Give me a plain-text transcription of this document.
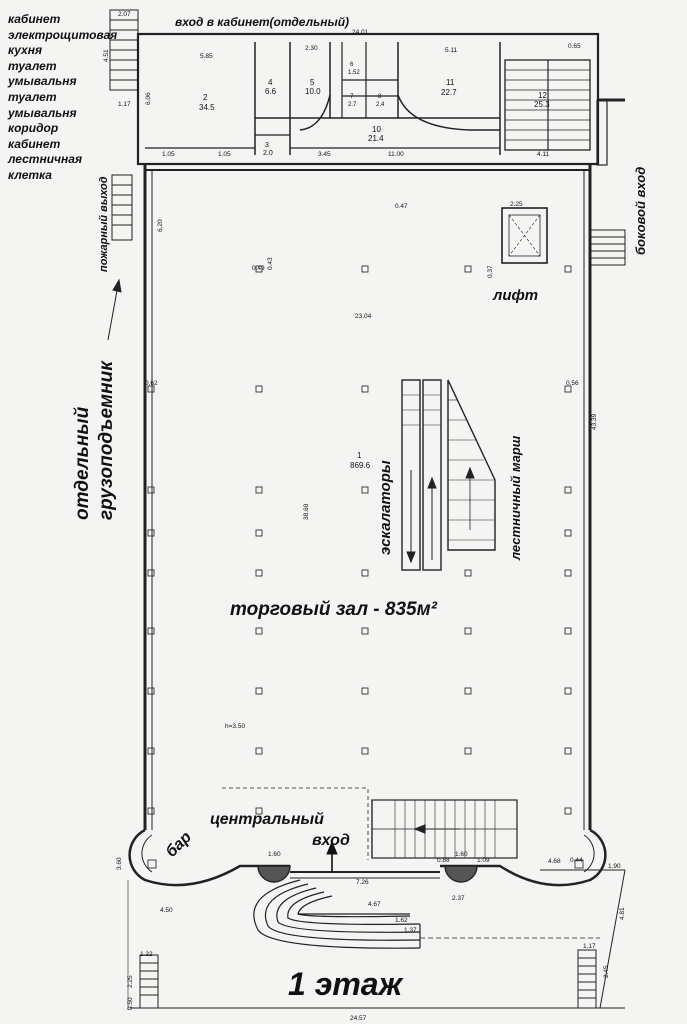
кабинет
электрощитовая
кухня
туалет
умывальня
туалет
умывальня
коридор
кабинет
лестничная
клетка
2
34.5
4
6.6
5
10.0
6
1.52
7
2.7
8
2.4
11
22.7	12
25.3
10
21.4
3
2.0
1
869.6
24.01
2.07
5.85
2.30	5.11
0.65
4.51
6.06
1.17
1.05	1.05	11.00
3.45	4.11
0.47	2.25
0.49 0.43
0.62	0.56
23.04
43.39
38.60
h=3.50
1.60	1.60
7.26
2.37
4.67
1.62
1.37
4.50
3.60	1.90
4.81
1.22
1.17
2.25
2.45
0.50
24.57
6.20
0.37
0.44
0.88	1.09	4.68
вход в кабинет(отдельный)
пожарный выход	боковой вход
лифт
отдельный грузоподъемник	эскалаторы	лестничный марш
торговый зал - 835м²
центральный
вход
бар
1 этаж
